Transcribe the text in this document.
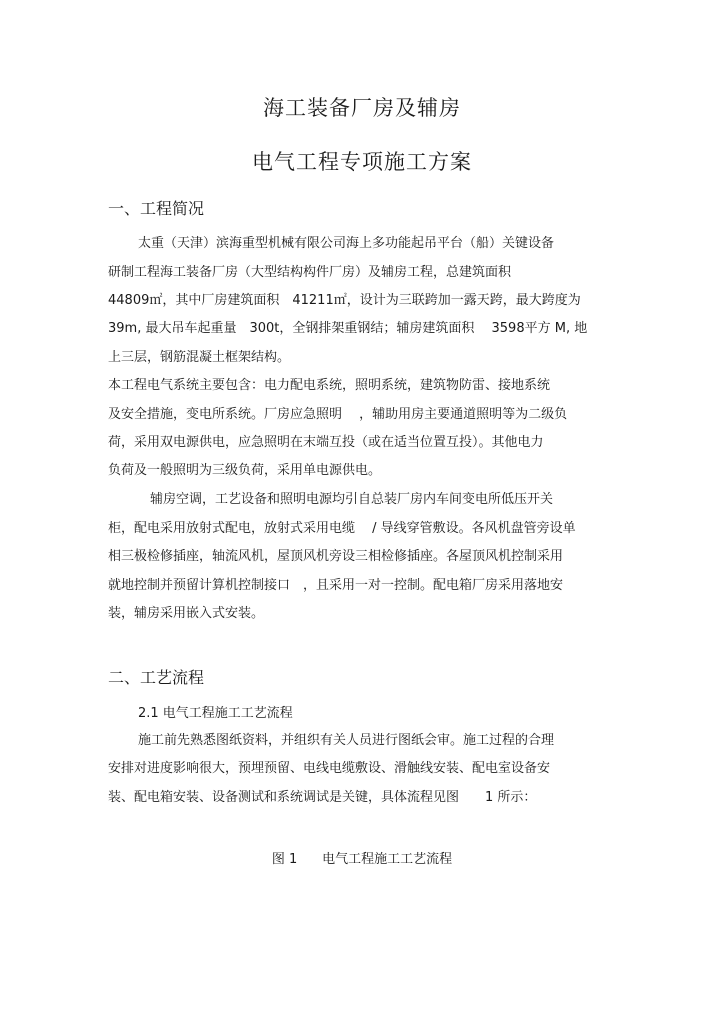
海工装备厂房及辅房
电气工程专项施工方案
一、工程简况
太重（天津）滨海重型机械有限公司海上多功能起吊平台（船）关键设备
研制工程海工装备厂房（大型结构构件厂房）及辅房工程，总建筑面积
44809㎡，其中厂房建筑面积　41211㎡，设计为三联跨加一露天跨，最大跨度为
39m, 最大吊车起重量　300t，全钢排架重钢结；辅房建筑面积　 3598平方 M, 地
上三层，钢筋混凝土框架结构。
本工程电气系统主要包含：电力配电系统，照明系统，建筑物防雷、接地系统
及安全措施，变电所系统。厂房应急照明　 ，辅助用房主要通道照明等为二级负
荷，采用双电源供电，应急照明在末端互投（或在适当位置互投）。其他电力
负荷及一般照明为三级负荷，采用单电源供电。
辅房空调，工艺设备和照明电源均引自总装厂房内车间变电所低压开关
柜，配电采用放射式配电，放射式采用电缆　 / 导线穿管敷设。各风机盘管旁设单
相三极检修插座，轴流风机，屋顶风机旁设三相检修插座。各屋顶风机控制采用
就地控制并预留计算机控制接口　，且采用一对一控制。配电箱厂房采用落地安
装，辅房采用嵌入式安装。
二、工艺流程
2.1 电气工程施工工艺流程
施工前先熟悉图纸资料，并组织有关人员进行图纸会审。施工过程的合理
安排对进度影响很大，预埋预留、电线电缆敷设、滑触线安装、配电室设备安
装、配电箱安装、设备测试和系统调试是关键，具体流程见图　　1 所示：
图 1      电气工程施工工艺流程
